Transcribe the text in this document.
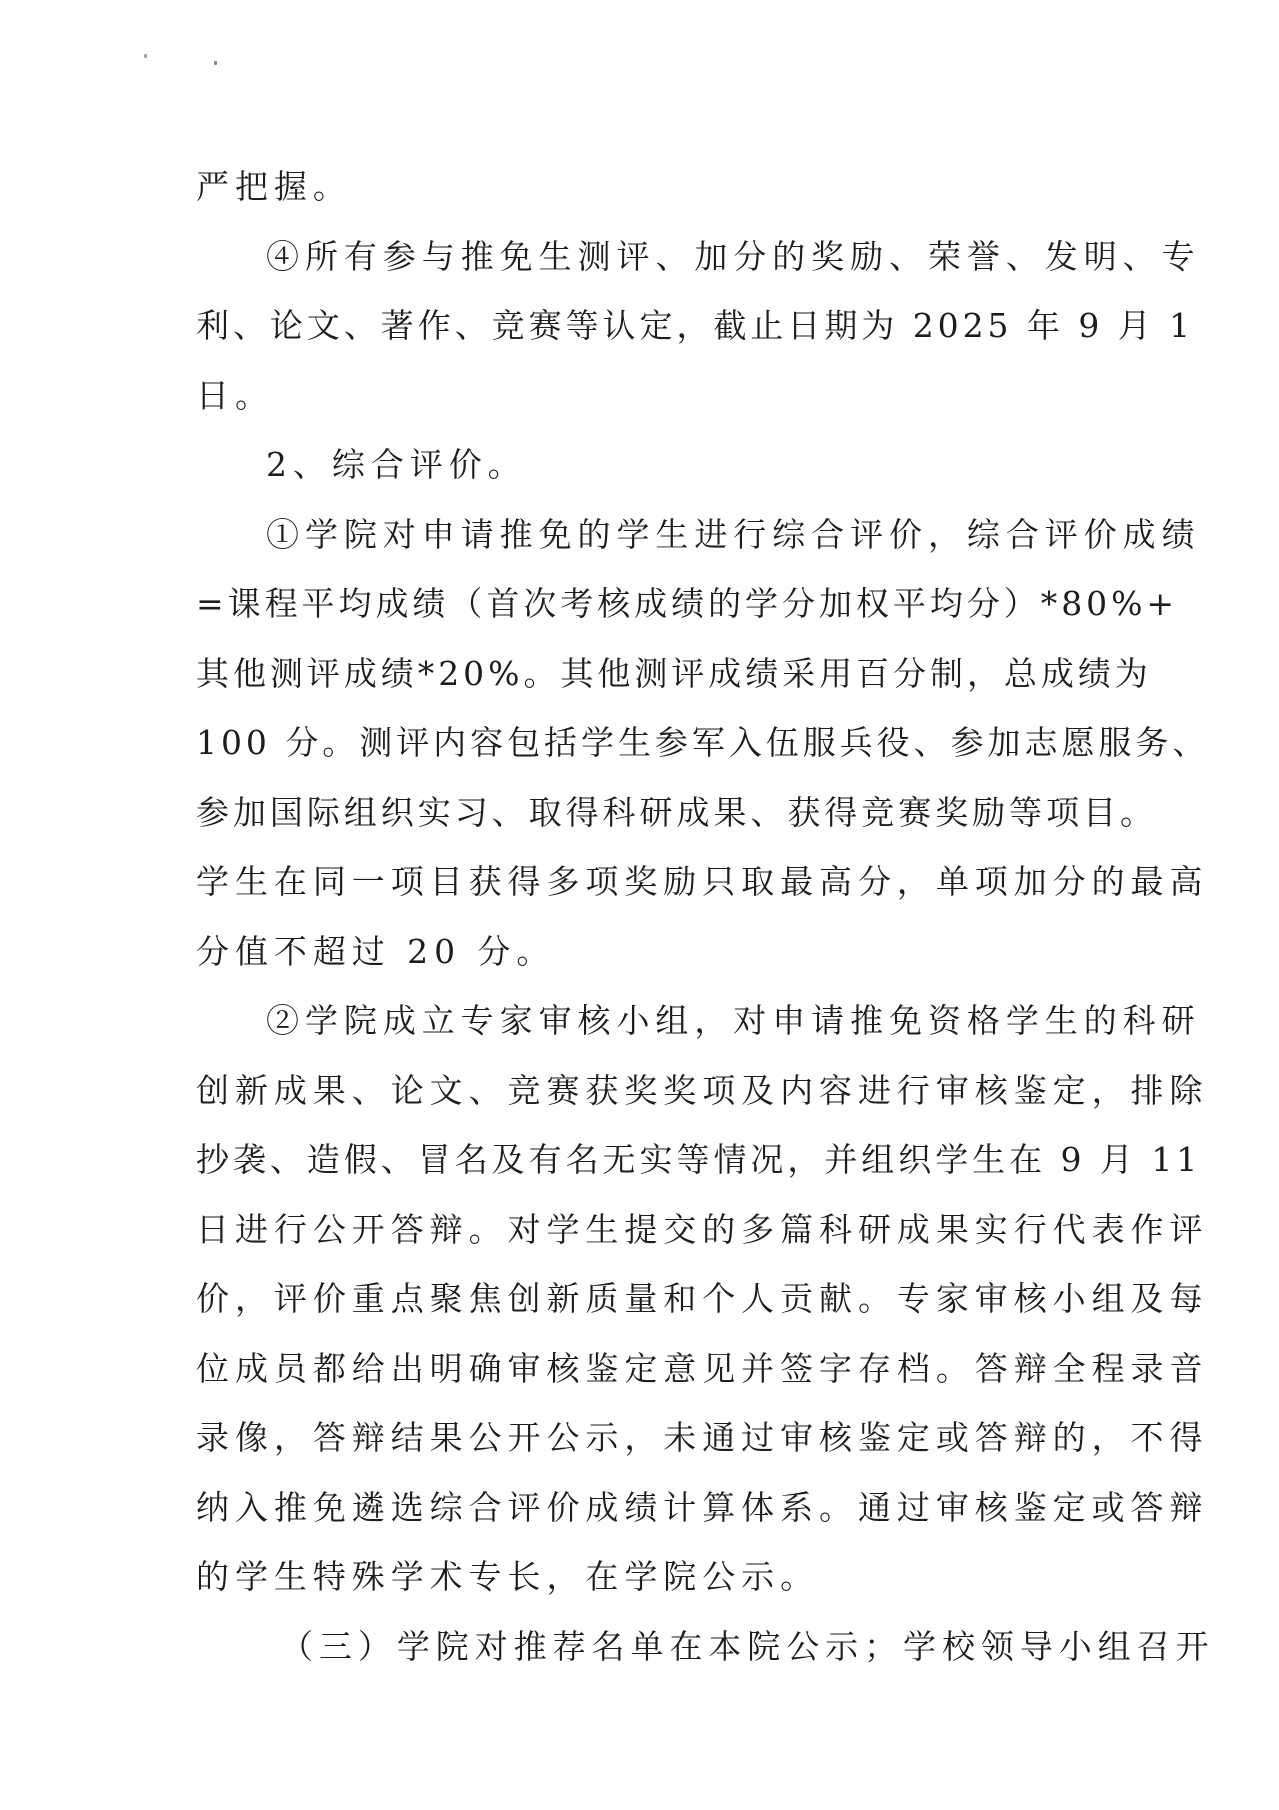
严把握。
④所有参与推免生测评、加分的奖励、荣誉、发明、专
利、论文、著作、竞赛等认定，截止日期为 2025 年 9 月 1
日。
2、综合评价。
①学院对申请推免的学生进行综合评价，综合评价成绩
=课程平均成绩（首次考核成绩的学分加权平均分）*80%+
其他测评成绩*20%。其他测评成绩采用百分制，总成绩为
100 分。测评内容包括学生参军入伍服兵役、参加志愿服务、
参加国际组织实习、取得科研成果、获得竞赛奖励等项目。
学生在同一项目获得多项奖励只取最高分，单项加分的最高
分值不超过 20 分。
②学院成立专家审核小组，对申请推免资格学生的科研
创新成果、论文、竞赛获奖奖项及内容进行审核鉴定，排除
抄袭、造假、冒名及有名无实等情况，并组织学生在 9 月 11
日进行公开答辩。对学生提交的多篇科研成果实行代表作评
价，评价重点聚焦创新质量和个人贡献。专家审核小组及每
位成员都给出明确审核鉴定意见并签字存档。答辩全程录音
录像，答辩结果公开公示，未通过审核鉴定或答辩的，不得
纳入推免遴选综合评价成绩计算体系。通过审核鉴定或答辩
的学生特殊学术专长，在学院公示。
（三）学院对推荐名单在本院公示；学校领导小组召开
